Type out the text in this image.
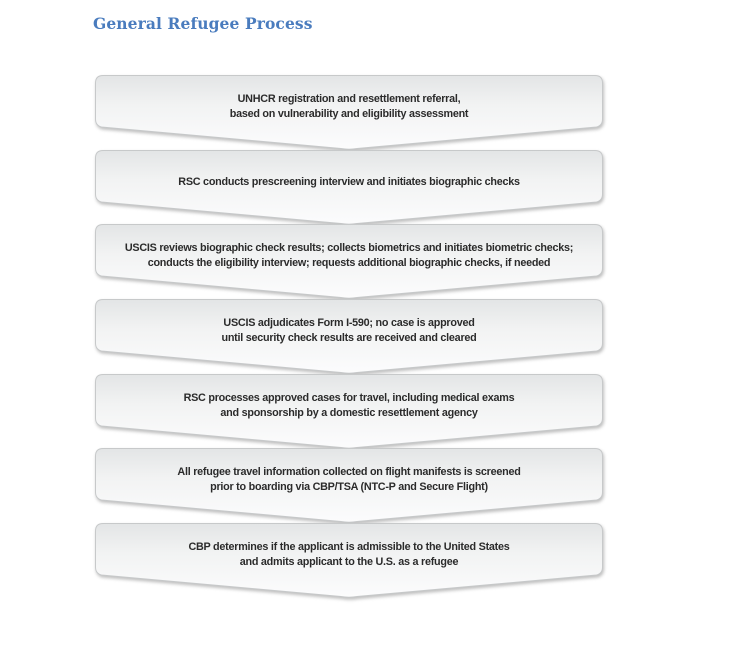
General Refugee Process
UNHCR registration and resettlement referral,
based on vulnerability and eligibility assessment
RSC conducts prescreening interview and initiates biographic checks
USCIS reviews biographic check results; collects biometrics and initiates biometric checks;
conducts the eligibility interview; requests additional biographic checks, if needed
USCIS adjudicates Form I-590; no case is approved
until security check results are received and cleared
RSC processes approved cases for travel, including medical exams
and sponsorship by a domestic resettlement agency
All refugee travel information collected on flight manifests is screened
prior to boarding via CBP/TSA (NTC-P and Secure Flight)
CBP determines if the applicant is admissible to the United States
and admits applicant to the U.S. as a refugee
